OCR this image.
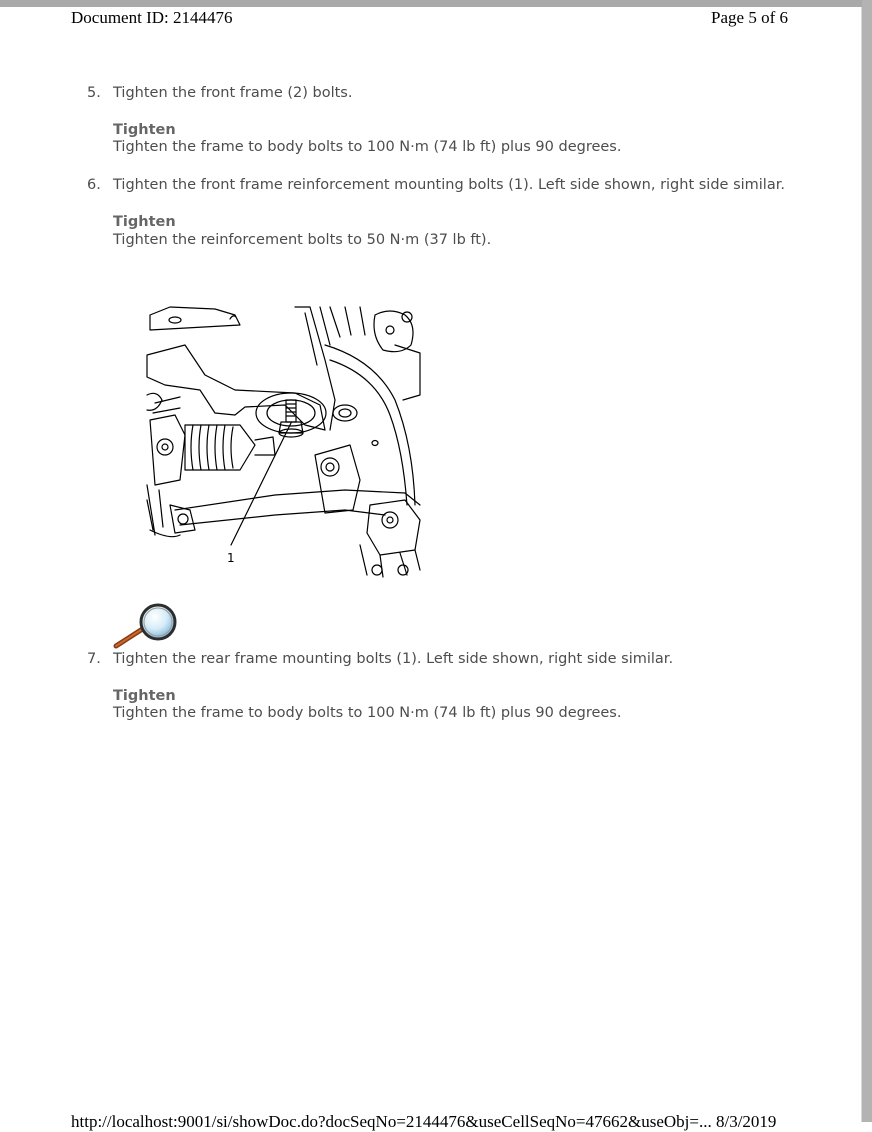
Document ID: 2144476	Page 5 of 6
5. Tighten the front frame (2) bolts.
Tighten
Tighten the frame to body bolts to 100 N·m (74 lb ft) plus 90 degrees.
6. Tighten the front frame reinforcement mounting bolts (1). Left side shown, right side similar.
Tighten
Tighten the reinforcement bolts to 50 N·m (37 lb ft).
1
7. Tighten the rear frame mounting bolts (1). Left side shown, right side similar.
Tighten
Tighten the frame to body bolts to 100 N·m (74 lb ft) plus 90 degrees.
http://localhost:9001/si/showDoc.do?docSeqNo=2144476&useCellSeqNo=47662&useObj=... 8/3/2019
